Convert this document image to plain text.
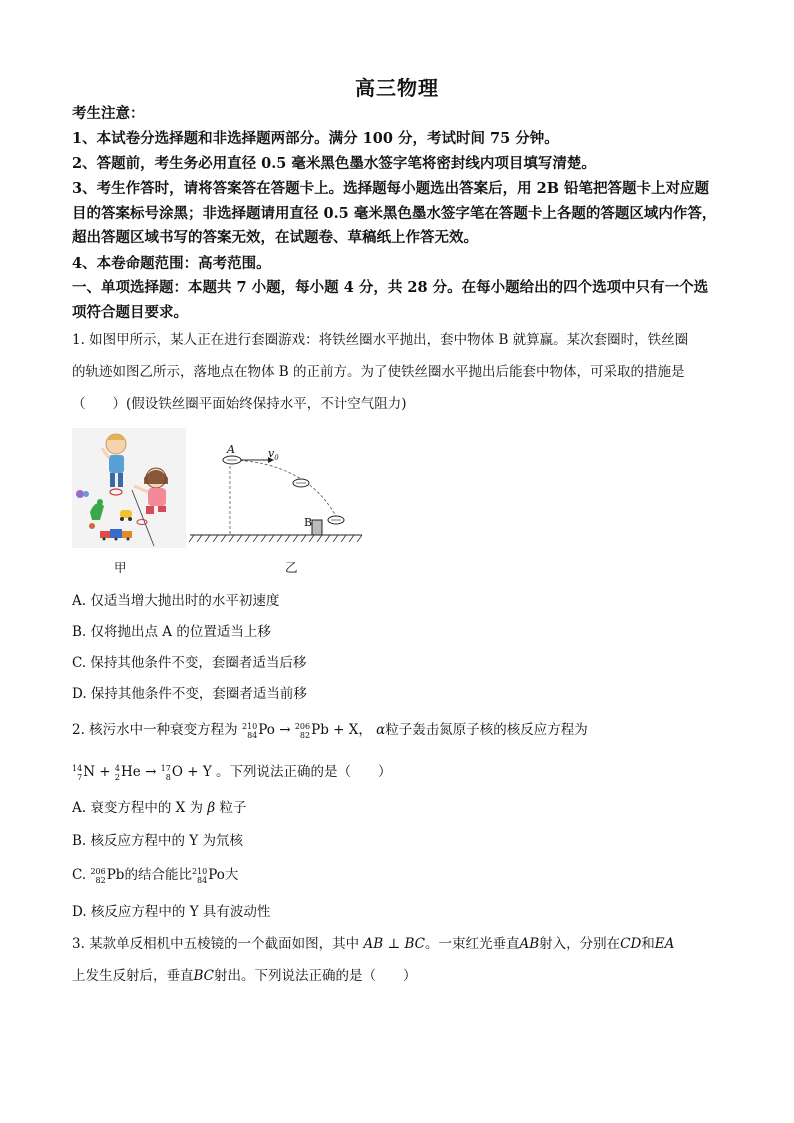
高三物理
考生注意：
1、本试卷分选择题和非选择题两部分。满分 100 分，考试时间 75 分钟。
2、答题前，考生务必用直径 0.5 毫米黑色墨水签字笔将密封线内项目填写清楚。
3、考生作答时，请将答案答在答题卡上。选择题每小题选出答案后，用 2B 铅笔把答题卡上对应题目的答案标号涂黑；非选择题请用直径 0.5 毫米黑色墨水签字笔在答题卡上各题的答题区域内作答，超出答题区域书写的答案无效，在试题卷、草稿纸上作答无效。
4、本卷命题范围：高考范围。
一、单项选择题：本题共 7 小题，每小题 4 分，共 28 分。在每小题给出的四个选项中只有一个选项符合题目要求。
1. 如图甲所示，某人正在进行套圈游戏：将铁丝圈水平抛出，套中物体 B 就算赢。某次套圈时，铁丝圈
的轨迹如图乙所示，落地点在物体 B 的正前方。为了使铁丝圈水平抛出后能套中物体，可采取的措施是
（　　）(假设铁丝圈平面始终保持水平，不计空气阻力)
甲
A	$v_0$
B
乙
A. 仅适当增大抛出时的水平初速度
B. 仅将抛出点 A 的位置适当上移
C. 保持其他条件不变，套圈者适当后移
D. 保持其他条件不变，套圈者适当前移
2. 核污水中一种衰变方程为 210
84 Po → 206
82 Pb + X， α粒子轰击氮原子核的核反应方程为
14
7 N + 4
2 He → 17
8 O + Y 。下列说法正确的是（　　）
A. 衰变方程中的 X 为 β 粒子
B. 核反应方程中的 Y 为氘核
C. 206
82 Pb的结合能比 210
84 Po大
D. 核反应方程中的 Y 具有波动性
3. 某款单反相机中五棱镜的一个截面如图，其中 AB ⊥ BC。一束红光垂直AB射入，分别在CD和EA
上发生反射后，垂直BC射出。下列说法正确的是（　　）
